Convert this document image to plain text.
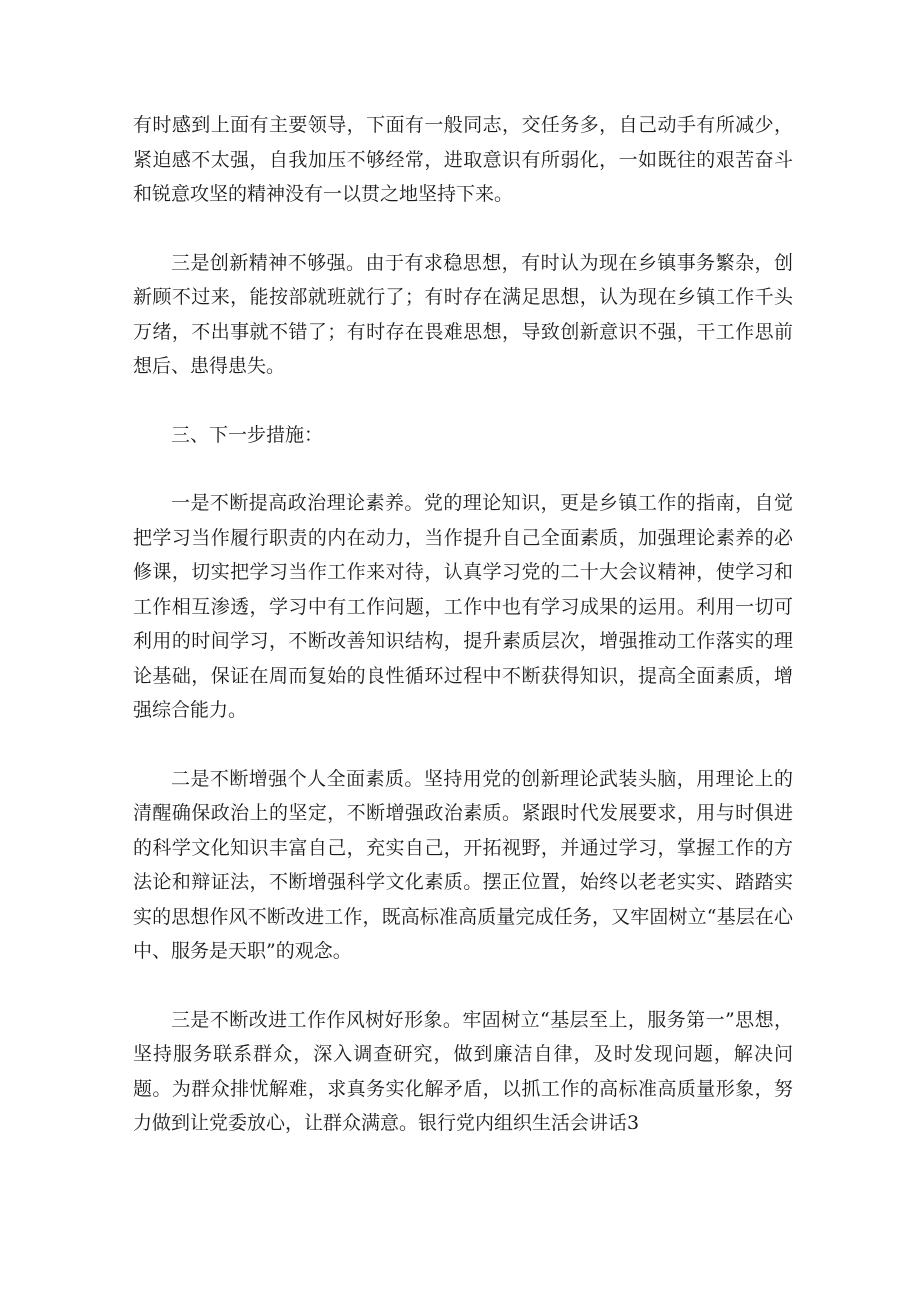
有时感到上面有主要领导，下面有一般同志，交任务多，自己动手有所减少，紧迫感不太强，自我加压不够经常，进取意识有所弱化，一如既往的艰苦奋斗和锐意攻坚的精神没有一以贯之地坚持下来。

三是创新精神不够强。由于有求稳思想，有时认为现在乡镇事务繁杂，创新顾不过来，能按部就班就行了；有时存在满足思想，认为现在乡镇工作千头万绪，不出事就不错了；有时存在畏难思想，导致创新意识不强，干工作思前想后、患得患失。

三、下一步措施：

一是不断提高政治理论素养。党的理论知识，更是乡镇工作的指南，自觉把学习当作履行职责的内在动力，当作提升自己全面素质，加强理论素养的必修课，切实把学习当作工作来对待，认真学习党的二十大会议精神，使学习和工作相互渗透，学习中有工作问题，工作中也有学习成果的运用。利用一切可利用的时间学习，不断改善知识结构，提升素质层次，增强推动工作落实的理论基础，保证在周而复始的良性循环过程中不断获得知识，提高全面素质，增强综合能力。

二是不断增强个人全面素质。坚持用党的创新理论武装头脑，用理论上的清醒确保政治上的坚定，不断增强政治素质。紧跟时代发展要求，用与时俱进的科学文化知识丰富自己，充实自己，开拓视野，并通过学习，掌握工作的方法论和辩证法，不断增强科学文化素质。摆正位置，始终以老老实实、踏踏实实的思想作风不断改进工作，既高标准高质量完成任务，又牢固树立“基层在心中、服务是天职”的观念。

三是不断改进工作作风树好形象。牢固树立“基层至上，服务第一”思想，坚持服务联系群众，深入调查研究，做到廉洁自律，及时发现问题，解决问题。为群众排忧解难，求真务实化解矛盾，以抓工作的高标准高质量形象，努力做到让党委放心，让群众满意。银行党内组织生活会讲话3
